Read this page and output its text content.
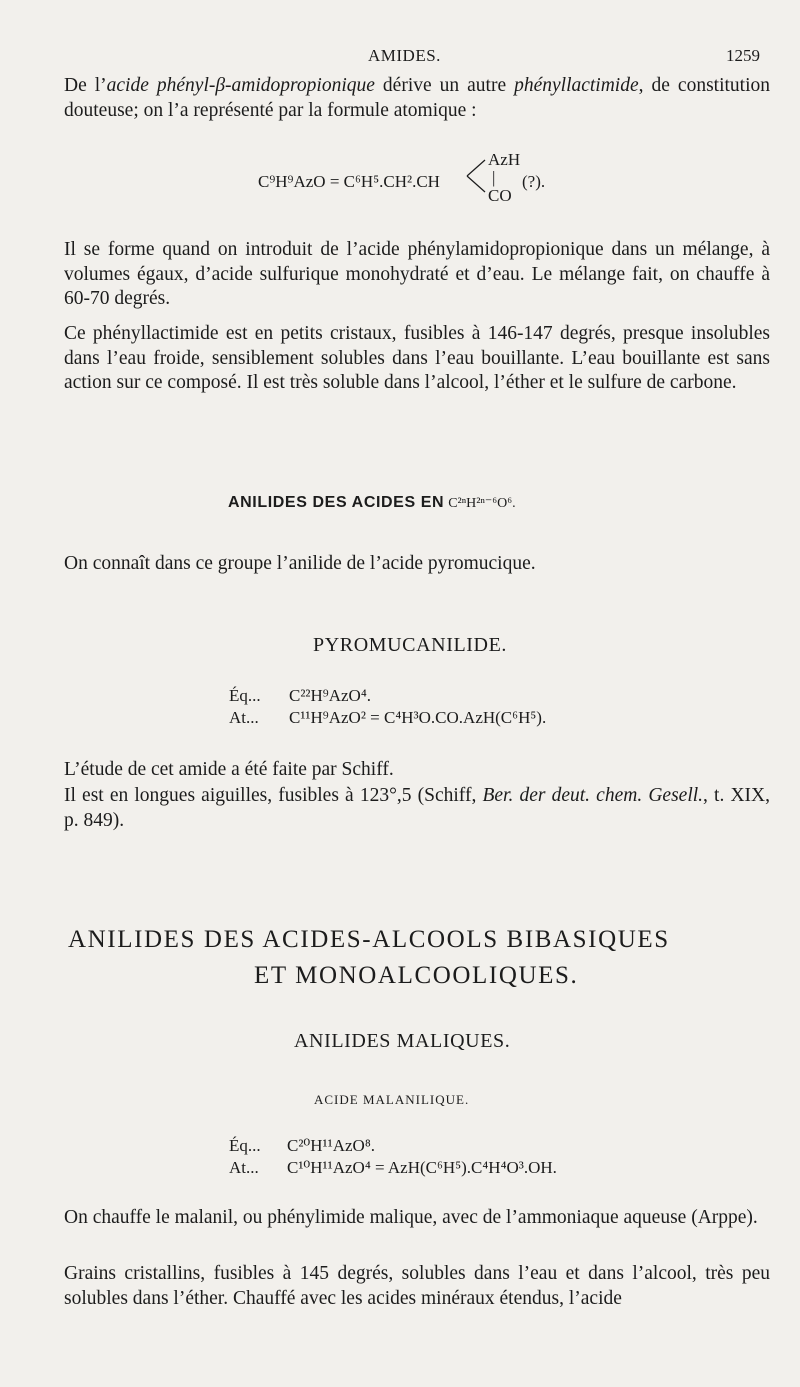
AMIDES.	1259
De l’acide phényl-β-amidopropionique dérive un autre phényllactimide, de constitution douteuse; on l’a représenté par la formule atomique :
C⁹H⁹AzO = C⁶H⁵.CH².CH
AzH
|
CO
(?).
Il se forme quand on introduit de l’acide phénylamidopropionique dans un mélange, à volumes égaux, d’acide sulfurique monohydraté et d’eau. Le mélange fait, on chauffe à 60-70 degrés.
Ce phényllactimide est en petits cristaux, fusibles à 146-147 degrés, presque insolubles dans l’eau froide, sensiblement solubles dans l’eau bouillante. L’eau bouillante est sans action sur ce composé. Il est très soluble dans l’alcool, l’éther et le sulfure de carbone.
ANILIDES DES ACIDES EN C²ⁿH²ⁿ⁻⁶O⁶.
On connaît dans ce groupe l’anilide de l’acide pyromucique.
PYROMUCANILIDE.
Éq... C²²H⁹AzO⁴.
At... C¹¹H⁹AzO² = C⁴H³O.CO.AzH(C⁶H⁵).
L’étude de cet amide a été faite par Schiff.
Il est en longues aiguilles, fusibles à 123°,5 (Schiff, Ber. der deut. chem. Gesell., t. XIX, p. 849).
ANILIDES DES ACIDES-ALCOOLS BIBASIQUES
ET MONOALCOOLIQUES.
ANILIDES MALIQUES.
ACIDE MALANILIQUE.
Éq... C²⁰H¹¹AzO⁸.
At... C¹⁰H¹¹AzO⁴ = AzH(C⁶H⁵).C⁴H⁴O³.OH.
On chauffe le malanil, ou phénylimide malique, avec de l’ammoniaque aqueuse (Arppe).
Grains cristallins, fusibles à 145 degrés, solubles dans l’eau et dans l’alcool, très peu solubles dans l’éther. Chauffé avec les acides minéraux étendus, l’acide
